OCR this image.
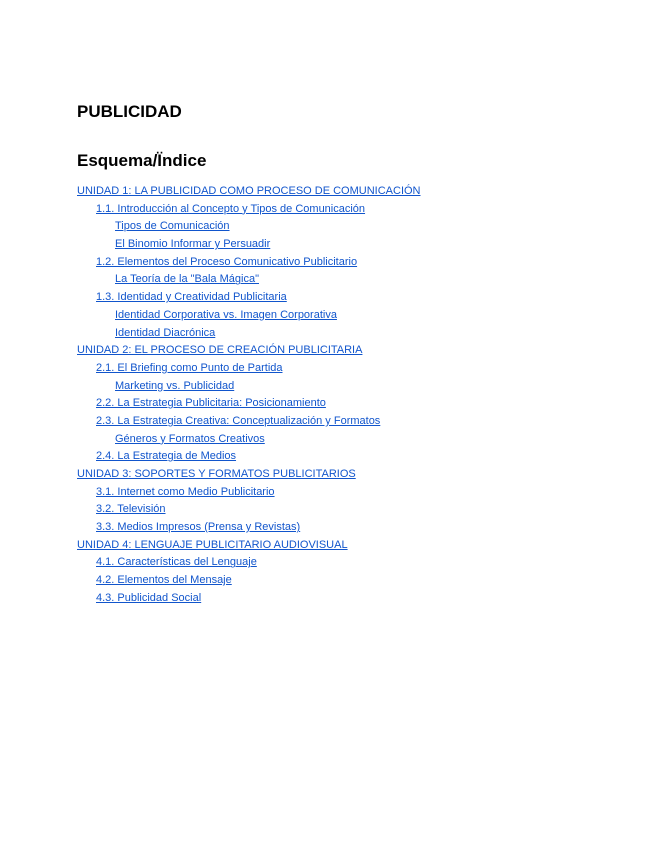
PUBLICIDAD
Esquema/Ïndice
UNIDAD 1: LA PUBLICIDAD COMO PROCESO DE COMUNICACIÓN
1.1. Introducción al Concepto y Tipos de Comunicación
Tipos de Comunicación
El Binomio Informar y Persuadir
1.2. Elementos del Proceso Comunicativo Publicitario
La Teoría de la "Bala Mágica"
1.3. Identidad y Creatividad Publicitaria
Identidad Corporativa vs. Imagen Corporativa
Identidad Diacrónica
UNIDAD 2: EL PROCESO DE CREACIÓN PUBLICITARIA
2.1. El Briefing como Punto de Partida
Marketing vs. Publicidad
2.2. La Estrategia Publicitaria: Posicionamiento
2.3. La Estrategia Creativa: Conceptualización y Formatos
Géneros y Formatos Creativos
2.4. La Estrategia de Medios
UNIDAD 3: SOPORTES Y FORMATOS PUBLICITARIOS
3.1. Internet como Medio Publicitario
3.2. Televisión
3.3. Medios Impresos (Prensa y Revistas)
UNIDAD 4: LENGUAJE PUBLICITARIO AUDIOVISUAL
4.1. Características del Lenguaje
4.2. Elementos del Mensaje
4.3. Publicidad Social
